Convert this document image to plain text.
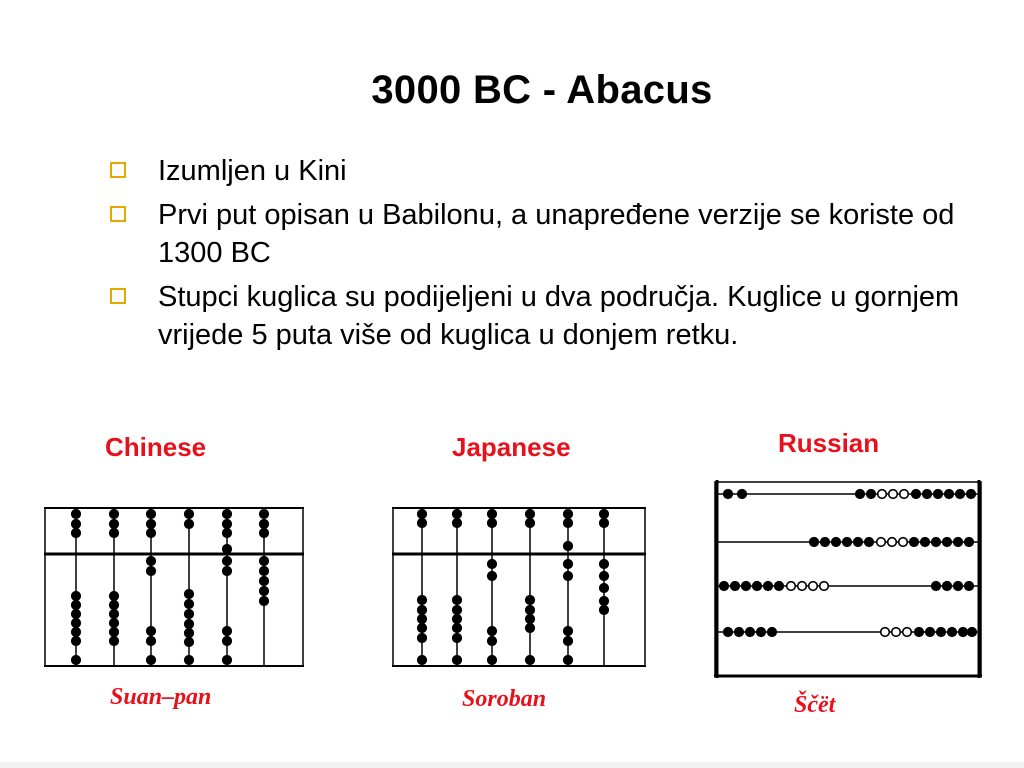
3000 BC - Abacus
Izumljen u Kini
Prvi put opisan u Babilonu, a unapređene verzije se koriste od 1300 BC
Stupci kuglica su podijeljeni u dva područja. Kuglice u gornjem vrijede 5 puta više od kuglica u donjem retku.
Chinese
Suan–pan
Japanese
Soroban
Russian
Ščët
